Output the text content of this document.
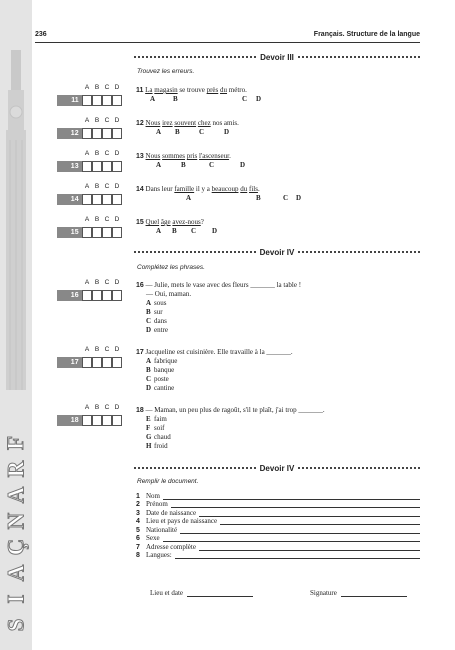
F
R
A
N
Ç
A
I
S
236	Français. Structure de la langue
Devoir III
Trouvez les erreurs.
A B C D
11
11 La magasin se trouve près du métro.
A	B	C D
A B C D
12
12 Nous irez souvent chez nos amis.
A B	C	D
A B C D
13
13 Nous sommes pris l'ascenseur.
A	B	C	D
A B C D
14
14 Dans leur famille il y a beaucoup du fils.
A	B	C D
A B C D
15
15 Quel âge avez-nous?
A B C D
Devoir IV
Complétez les phrases.
A B C D
16
16 — Julie, mets le vase avec des fleurs _______ la table !
— Oui, maman.
A sous
B sur
C dans
D entre
A B C D
17
17 Jacqueline est cuisinière. Elle travaille à la _______.
A fabrique
B banque
C poste
D cantine
A B C D
18
18 — Maman, un peu plus de ragoût, s'il te plaît, j'ai trop _______.
E faim
F soif
G chaud
H froid
Devoir IV
Remplir le document.
1 Nom
2 Prénom
3 Date de naissance
4 Lieu et pays de naissance
5 Nationalité
6 Sexe
7 Adresse complète
8 Langues:
Lieu et date	Signature
